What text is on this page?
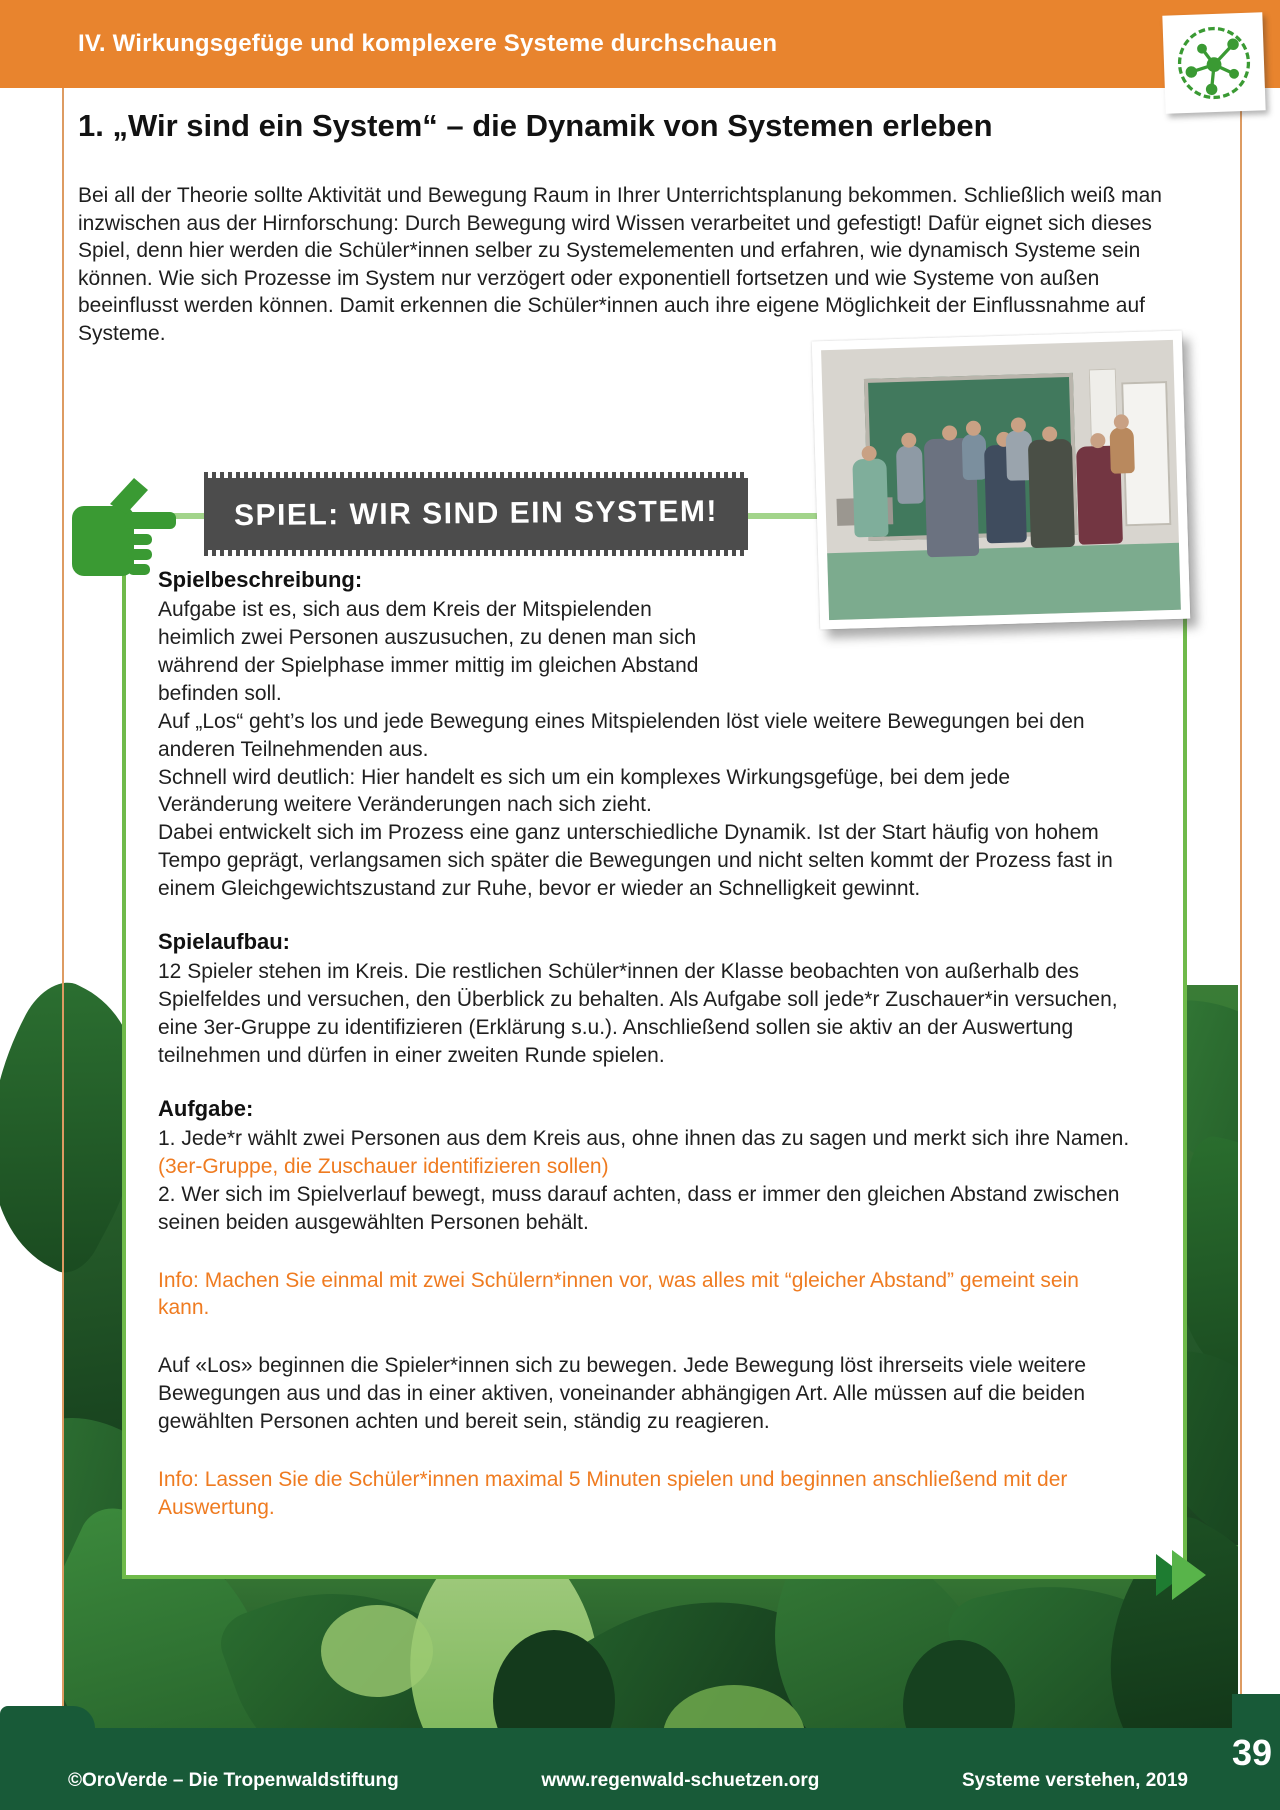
IV. Wirkungsgefüge und komplexere Systeme durchschauen
1. „Wir sind ein System“ – die Dynamik von Systemen erleben
Bei all der Theorie sollte Aktivität und Bewegung Raum in Ihrer Unterrichtsplanung bekommen. Schließlich weiß man inzwischen aus der Hirnforschung: Durch Bewegung wird Wissen verarbeitet und gefestigt! Dafür eignet sich dieses Spiel, denn hier werden die Schüler*innen selber zu Systemelementen und erfahren, wie dynamisch Systeme sein können. Wie sich Prozesse im System nur verzögert oder exponentiell fortsetzen und wie Systeme von außen beeinflusst werden können. Damit erkennen die Schüler*innen auch ihre eigene Möglichkeit der Einflussnahme auf Systeme.
SPIEL: WIR SIND EIN SYSTEM!
Spielbeschreibung:

Aufgabe ist es, sich aus dem Kreis der Mitspielenden heimlich zwei Personen auszusuchen, zu denen man sich während der Spielphase immer mittig im gleichen Abstand befinden soll.

Auf „Los“ geht’s los und jede Bewegung eines Mitspielenden löst viele weitere Bewegungen bei den anderen Teilnehmenden aus.

Schnell wird deutlich: Hier handelt es sich um ein komplexes Wirkungsgefüge, bei dem jede Veränderung weitere Veränderungen nach sich zieht.

Dabei entwickelt sich im Prozess eine ganz unterschiedliche Dynamik. Ist der Start häufig von hohem Tempo geprägt, verlangsamen sich später die Bewegungen und nicht selten kommt der Prozess fast in einem Gleichgewichtszustand zur Ruhe, bevor er wieder an Schnelligkeit gewinnt.

Spielaufbau:

12 Spieler stehen im Kreis. Die restlichen Schüler*innen der Klasse beobachten von außerhalb des Spielfeldes und versuchen, den Überblick zu behalten. Als Aufgabe soll jede*r Zuschauer*in versuchen, eine 3er-Gruppe zu identifizieren (Erklärung s.u.). Anschließend sollen sie aktiv an der Auswertung teilnehmen und dürfen in einer zweiten Runde spielen.

Aufgabe:

1. Jede*r wählt zwei Personen aus dem Kreis aus, ohne ihnen das zu sagen und merkt sich ihre Namen. (3er-Gruppe, die Zuschauer identifizieren sollen)

2. Wer sich im Spielverlauf bewegt, muss darauf achten, dass er immer den gleichen Abstand zwischen seinen beiden ausgewählten Personen behält.

Info: Machen Sie einmal mit zwei Schülern*innen vor, was alles mit “gleicher Abstand” gemeint sein kann.

Auf «Los» beginnen die Spieler*innen sich zu bewegen. Jede Bewegung löst ihrerseits viele weitere Bewegungen aus und das in einer aktiven, voneinander abhängigen Art. Alle müssen auf die beiden gewählten Personen achten und bereit sein, ständig zu reagieren.

Info: Lassen Sie die Schüler*innen maximal 5 Minuten spielen und beginnen anschließend mit der Auswertung.

39
©OroVerde – Die Tropenwaldstiftung	www.regenwald-schuetzen.org	Systeme verstehen, 2019
